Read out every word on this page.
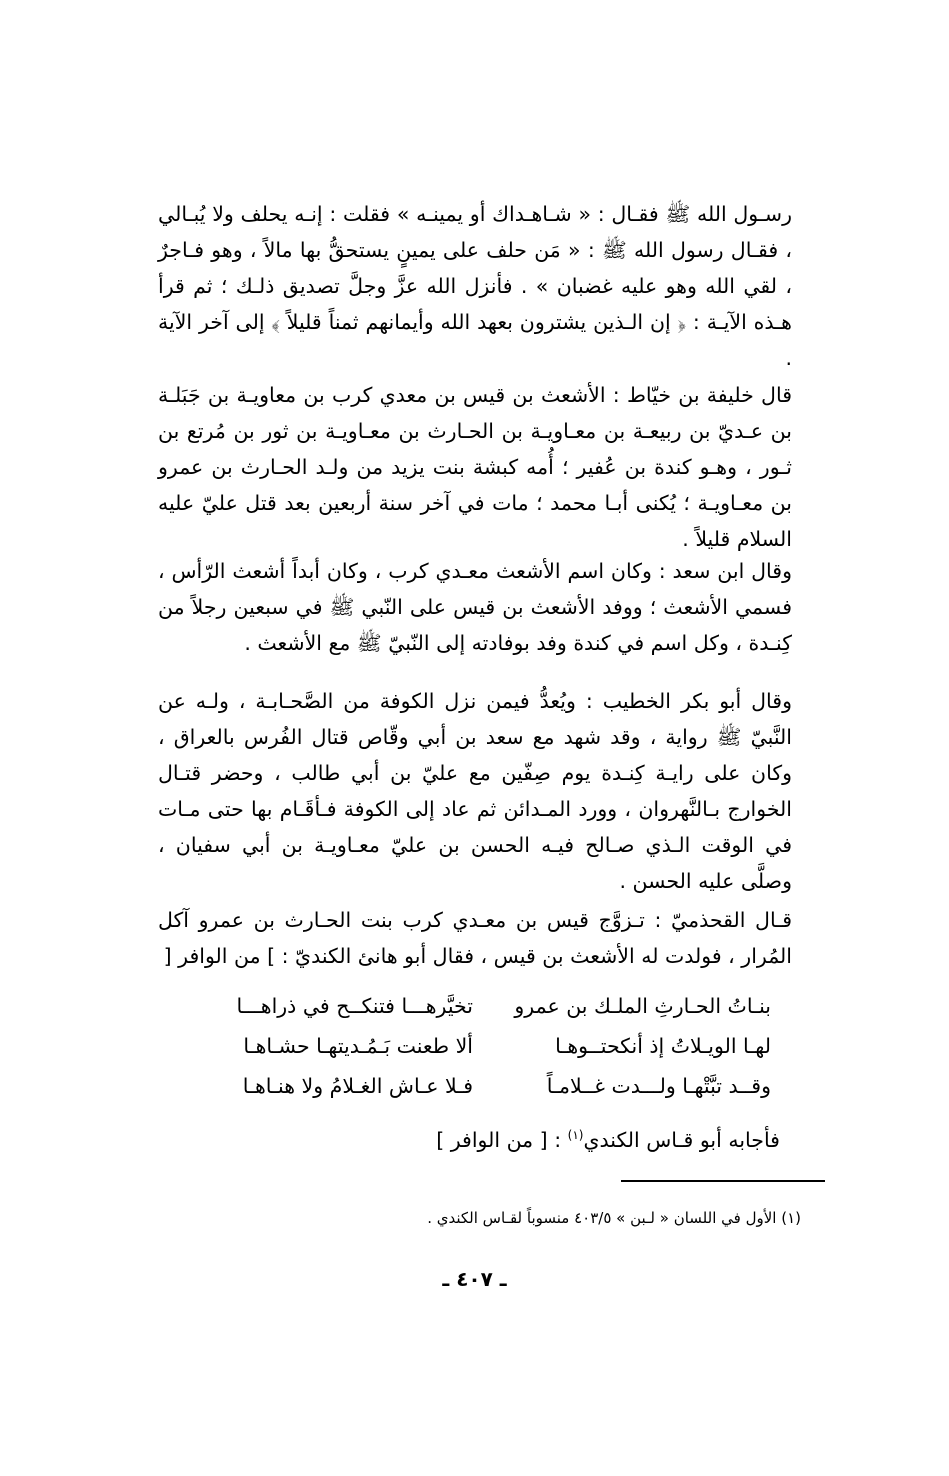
رسـول الله ﷺ فقـال : « شـاهـداك أو يمينـه » فقلت : إنـه يحلف ولا يُبـالي ، فقـال رسول الله ﷺ : « مَن حلف على يمينٍ يستحقُّ بها مالاً ، وهو فـاجرٌ ، لقي الله وهو عليه غضبان » . فأنزل الله عزَّ وجلَّ تصديق ذلـك ؛ ثم قرأ هـذه الآيـة : ﴿ إن الـذين يشترون بعهد الله وأيمانهم ثمناً قليلاً ﴾ إلى آخر الآية .

قال خليفة بن خيّاط : الأشعث بن قيس بن معدي كرب بن معاويـة بن جَبَلـة بن عـديّ بن ربيعـة بن معـاويـة بن الحـارث بن معـاويـة بن ثور بن مُرتع بن ثـور ، وهـو كندة بن عُفير ؛ أُمه كبشة بنت يزيد من ولـد الحـارث بن عمرو بن معـاويـة ؛ يُكنى أبـا محمد ؛ مات في آخر سنة أربعين بعد قتل عليّ عليه السلام قليلاً .

وقال ابن سعد : وكان اسم الأشعث معـدي كرب ، وكان أبداً أشعث الرّأس ، فسمي الأشعث ؛ ووفد الأشعث بن قيس على النّبي ﷺ في سبعين رجلاً من كِنـدة ، وكل اسم في كندة وفد بوفادته إلى النّبيّ ﷺ مع الأشعث .

وقال أبو بكر الخطيب : ويُعدُّ فيمن نزل الكوفة من الصَّحـابـة ، ولـه عن النَّبيّ ﷺ رواية ، وقد شهد مع سعد بن أبي وقّاص قتال الفُرس بالعراق ، وكان على رايـة كِنـدة يوم صِفّين مع عليّ بن أبي طالب ، وحضر قتـال الخوارج بـالنَّهروان ، وورد المـدائن ثم عاد إلى الكوفة فـأقَـام بها حتى مـات في الوقت الـذي صـالح فيـه الحسن بن عليّ معـاويـة بن أبي سفيان ، وصلَّى عليه الحسن .

قـال القحذميّ : تـزوَّج قيس بن معـدي كرب بنت الحـارث بن عمرو آكل المُرار ، فولدت له الأشعث بن قيس ، فقال أبو هانئ الكنديّ : ] من الوافر [

بنـاتُ الحـارثِ الملـك بن عمرو
تخيَّرهـــا فتنكــح في ذراهـــا
لهـا الويـلاتُ إذ أنكحتــوهـا
ألا طعنت بَـمُـديتهـا حشـاهـا
وقــد تبَّتْهـا ولـــدت غــلامـاً
فـلا عـاش الغـلامُ ولا هنـاهـا

فأجابه أبو قـاس الكندي$^{(١)}$ : [ من الوافر ]

(١) الأول في اللسان « لـبن » ٤٠٣/٥ منسوباً لقـاس الكندي .
ـ ٤٠٧ ـ
